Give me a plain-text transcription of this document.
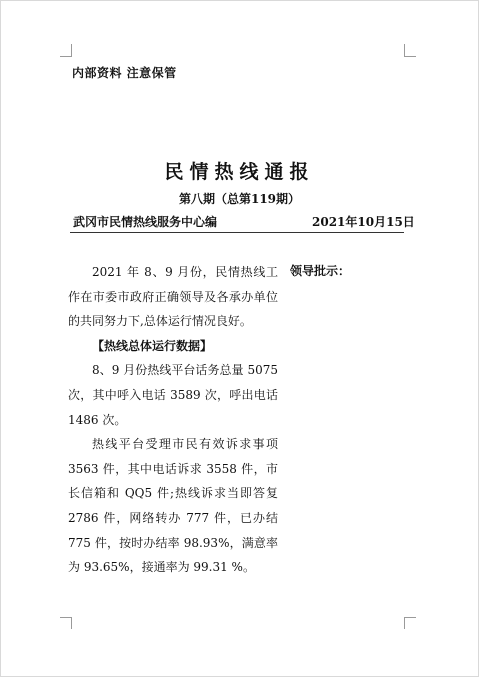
内部资料 注意保管
民情热线通报
第八期（总第119期）
武冈市民情热线服务中心编	2021年10月15日
领导批示：

2021 年 8、9 月份，民情热线工作在市委市政府正确领导及各承办单位的共同努力下,总体运行情况良好。

【热线总体运行数据】

8、9 月份热线平台话务总量 5075 次，其中呼入电话 3589 次，呼出电话 1486 次。

热线平台受理市民有效诉求事项 3563 件，其中电话诉求 3558 件，市长信箱和 QQ5 件;热线诉求当即答复 2786 件，网络转办 777 件，已办结 775 件，按时办结率 98.93%，满意率为 93.65%，接通率为 99.31 %。
